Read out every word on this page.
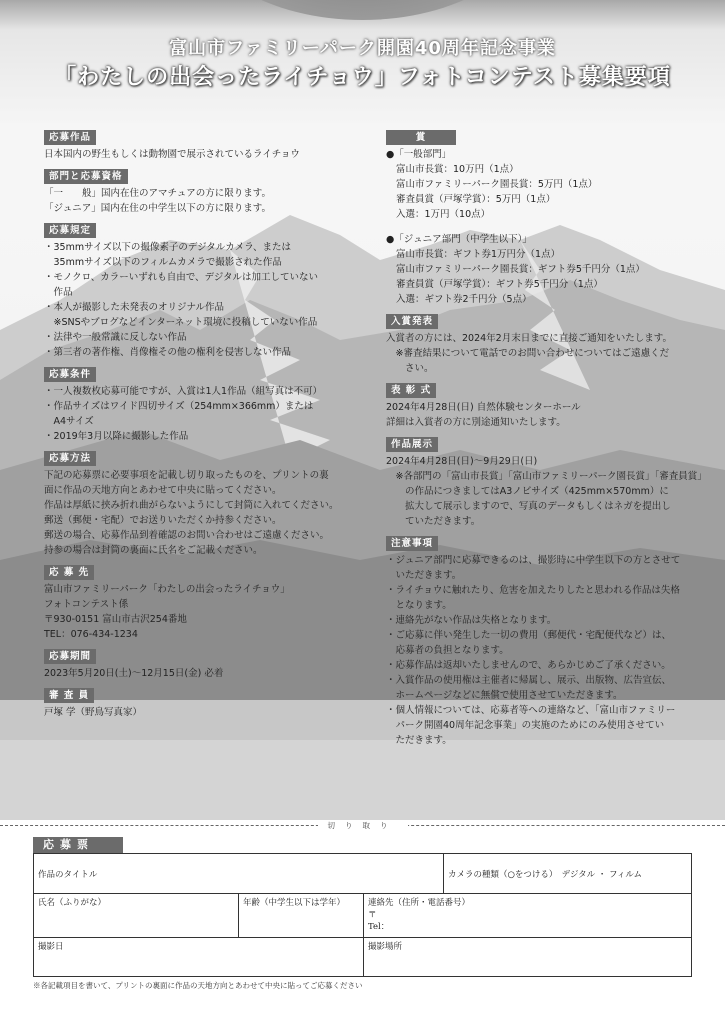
富山市ファミリーパーク開園40周年記念事業
「わたしの出会ったライチョウ」フォトコンテスト募集要項
応募作品
日本国内の野生もしくは動物園で展示されているライチョウ
部門と応募資格
「一　　般」国内在住のアマチュアの方に限ります。
「ジュニア」国内在住の中学生以下の方に限ります。
応募規定
・35mmサイズ以下の撮像素子のデジタルカメラ、または
　35mmサイズ以下のフィルムカメラで撮影された作品
・モノクロ、カラーいずれも自由で、デジタルは加工していない
　作品
・本人が撮影した未発表のオリジナル作品
　※SNSやブログなどインターネット環境に投稿していない作品
・法律や一般常識に反しない作品
・第三者の著作権、肖像権その他の権利を侵害しない作品
応募条件
・一人複数枚応募可能ですが、入賞は1人1作品（組写真は不可）
・作品サイズはワイド四切サイズ（254mm×366mm）または
　A4サイズ
・2019年3月以降に撮影した作品
応募方法
下記の応募票に必要事項を記載し切り取ったものを、プリントの裏
面に作品の天地方向とあわせて中央に貼ってください。
作品は厚紙に挟み折れ曲がらないようにして封筒に入れてください。
郵送（郵便・宅配）でお送りいただくか持参ください。
郵送の場合、応募作品到着確認のお問い合わせはご遠慮ください。
持参の場合は封筒の裏面に氏名をご記載ください。
応 募 先
富山市ファミリーパーク「わたしの出会ったライチョウ」
フォトコンテスト係
〒930-0151 富山市古沢254番地
TEL：076-434-1234
応募期間
2023年5月20日(土)〜12月15日(金) 必着
審 査 員
戸塚 学（野鳥写真家）
賞
●「一般部門」
富山市長賞：10万円（1点）
富山市ファミリーパーク園長賞：5万円（1点）
審査員賞（戸塚学賞）：5万円（1点）
入選：1万円（10点）
●「ジュニア部門（中学生以下）」
富山市長賞：ギフト券1万円分（1点）
富山市ファミリーパーク園長賞：ギフト券5千円分（1点）
審査員賞（戸塚学賞）：ギフト券5千円分（1点）
入選：ギフト券2千円分（5点）
入賞発表
入賞者の方には、2024年2月末日までに直接ご通知をいたします。
　※審査結果について電話でのお問い合わせについてはご遠慮くだ
　　さい。
表 彰 式
2024年4月28日(日) 自然体験センターホール
詳細は入賞者の方に別途通知いたします。
作品展示
2024年4月28日(日)〜9月29日(日)
　※各部門の「富山市長賞」「富山市ファミリーパーク園長賞」「審査員賞」
　　の作品につきましてはA3ノビサイズ（425mm×570mm）に
　　拡大して展示しますので、写真のデータもしくはネガを提出し
　　ていただきます。
注意事項
・ジュニア部門に応募できるのは、撮影時に中学生以下の方とさせて
　いただきます。
・ライチョウに触れたり、危害を加えたりしたと思われる作品は失格
　となります。
・連絡先がない作品は失格となります。
・ご応募に伴い発生した一切の費用（郵便代・宅配便代など）は、
　応募者の負担となります。
・応募作品は返却いたしませんので、あらかじめご了承ください。
・入賞作品の使用権は主催者に帰属し、展示、出版物、広告宣伝、
　ホームページなどに無償で使用させていただきます。
・個人情報については、応募者等への連絡など、「富山市ファミリー
　パーク開園40周年記念事業」の実施のためにのみ使用させてい
　ただきます。
切り取り
応募票
作品のタイトル	カメラの種類（○をつける）　デジタル ・ フィルム
氏名（ふりがな）	年齢（中学生以下は学年）	連絡先（住所・電話番号）
〒
Tel：
撮影日	撮影場所
※各記載項目を書いて、プリントの裏面に作品の天地方向とあわせて中央に貼ってご応募ください
